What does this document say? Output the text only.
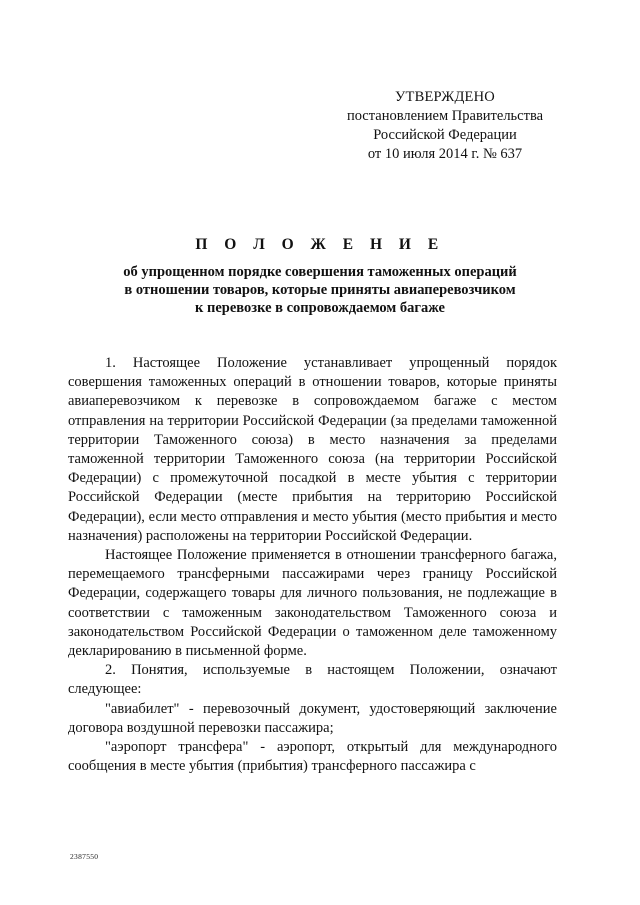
УТВЕРЖДЕНО
постановлением Правительства
Российской Федерации
от 10 июля 2014 г. № 637
П О Л О Ж Е Н И Е
об упрощенном порядке совершения таможенных операций
в отношении товаров, которые приняты авиаперевозчиком
к перевозке в сопровождаемом багаже

1. Настоящее Положение устанавливает упрощенный порядок совершения таможенных операций в отношении товаров, которые приняты авиаперевозчиком к перевозке в сопровождаемом багаже с местом отправления на территории Российской Федерации (за пределами таможенной территории Таможенного союза) в место назначения за пределами таможенной территории Таможенного союза (на территории Российской Федерации) с промежуточной посадкой в месте убытия с территории Российской Федерации (месте прибытия на территорию Российской Федерации), если место отправления и место убытия (место прибытия и место назначения) расположены на территории Российской Федерации.

Настоящее Положение применяется в отношении трансферного багажа, перемещаемого трансферными пассажирами через границу Российской Федерации, содержащего товары для личного пользования, не подлежащие в соответствии с таможенным законодательством Таможенного союза и законодательством Российской Федерации о таможенном деле таможенному декларированию в письменной форме.

2. Понятия, используемые в настоящем Положении, означают следующее:

"авиабилет" - перевозочный документ, удостоверяющий заключение договора воздушной перевозки пассажира;

"аэропорт трансфера" - аэропорт, открытый для международного сообщения в месте убытия (прибытия) трансферного пассажира с

2387550
